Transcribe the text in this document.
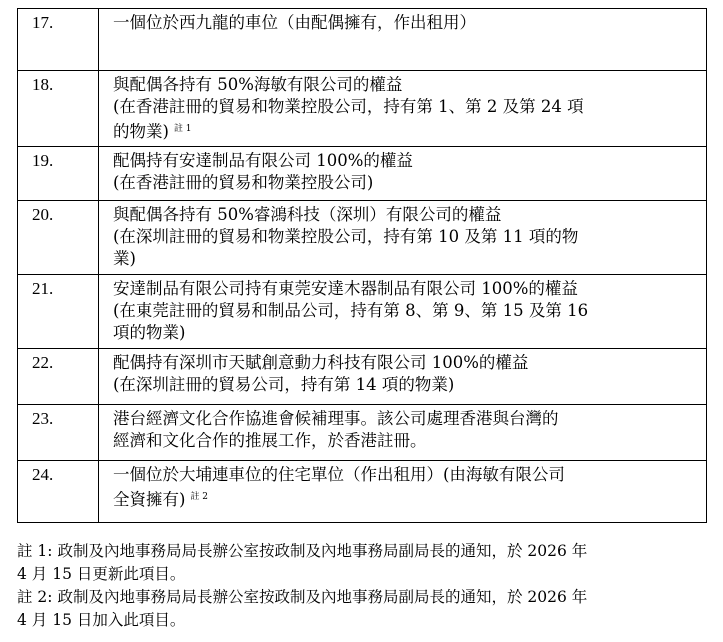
17.	一個位於西九龍的車位（由配偶擁有，作出租用）

18.	與配偶各持有 50%海敏有限公司的權益
(在香港註冊的貿易和物業控股公司，持有第 1、第 2 及第 24 項
的物業) $^{註 1}$

19.	配偶持有安達制品有限公司 100%的權益
(在香港註冊的貿易和物業控股公司)

20.	與配偶各持有 50%睿鴻科技（深圳）有限公司的權益
(在深圳註冊的貿易和物業控股公司，持有第 10 及第 11 項的物
業)

21.	安達制品有限公司持有東莞安達木器制品有限公司 100%的權益
(在東莞註冊的貿易和制品公司，持有第 8、第 9、第 15 及第 16
項的物業)

22.	配偶持有深圳市天賦創意動力科技有限公司 100%的權益
(在深圳註冊的貿易公司，持有第 14 項的物業)

23.	港台經濟文化合作協進會候補理事。該公司處理香港與台灣的
經濟和文化合作的推展工作，於香港註冊。

24.	一個位於大埔連車位的住宅單位（作出租用）(由海敏有限公司
全資擁有) $^{註 2}$
註 1: 政制及內地事務局局長辦公室按政制及內地事務局副局長的通知，於 2026 年
4 月 15 日更新此項目。
註 2: 政制及內地事務局局長辦公室按政制及內地事務局副局長的通知，於 2026 年
4 月 15 日加入此項目。
